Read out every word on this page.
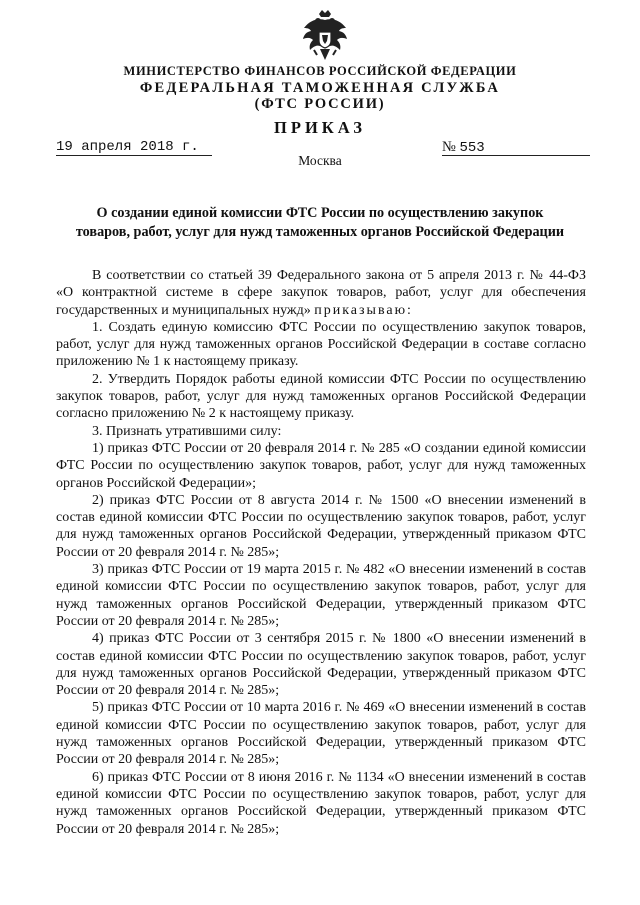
МИНИСТЕРСТВО ФИНАНСОВ РОССИЙСКОЙ ФЕДЕРАЦИИ
ФЕДЕРАЛЬНАЯ ТАМОЖЕННАЯ СЛУЖБА
(ФТС РОССИИ)
ПРИКАЗ
19 апреля 2018 г.	№ 553
Москва
О создании единой комиссии ФТС России по осуществлению закупок
товаров, работ, услуг для нужд таможенных органов Российской Федерации

В соответствии со статьей 39 Федерального закона от 5 апреля 2013 г. № 44-ФЗ «О контрактной системе в сфере закупок товаров, работ, услуг для обеспечения государственных и муниципальных нужд» приказываю:

1. Создать единую комиссию ФТС России по осуществлению закупок товаров, работ, услуг для нужд таможенных органов Российской Федерации в составе согласно приложению № 1 к настоящему приказу.

2. Утвердить Порядок работы единой комиссии ФТС России по осуществлению закупок товаров, работ, услуг для нужд таможенных органов Российской Федерации согласно приложению № 2 к настоящему приказу.

3. Признать утратившими силу:

1) приказ ФТС России от 20 февраля 2014 г. № 285 «О создании единой комиссии ФТС России по осуществлению закупок товаров, работ, услуг для нужд таможенных органов Российской Федерации»;

2) приказ ФТС России от 8 августа 2014 г. № 1500 «О внесении изменений в состав единой комиссии ФТС России по осуществлению закупок товаров, работ, услуг для нужд таможенных органов Российской Федерации, утвержденный приказом ФТС России от 20 февраля 2014 г. № 285»;

3) приказ ФТС России от 19 марта 2015 г. № 482 «О внесении изменений в состав единой комиссии ФТС России по осуществлению закупок товаров, работ, услуг для нужд таможенных органов Российской Федерации, утвержденный приказом ФТС России от 20 февраля 2014 г. № 285»;

4) приказ ФТС России от 3 сентября 2015 г. № 1800 «О внесении изменений в состав единой комиссии ФТС России по осуществлению закупок товаров, работ, услуг для нужд таможенных органов Российской Федерации, утвержденный приказом ФТС России от 20 февраля 2014 г. № 285»;

5) приказ ФТС России от 10 марта 2016 г. № 469 «О внесении изменений в состав единой комиссии ФТС России по осуществлению закупок товаров, работ, услуг для нужд таможенных органов Российской Федерации, утвержденный приказом ФТС России от 20 февраля 2014 г. № 285»;

6) приказ ФТС России от 8 июня 2016 г. № 1134 «О внесении изменений в состав единой комиссии ФТС России по осуществлению закупок товаров, работ, услуг для нужд таможенных органов Российской Федерации, утвержденный приказом ФТС России от 20 февраля 2014 г. № 285»;
